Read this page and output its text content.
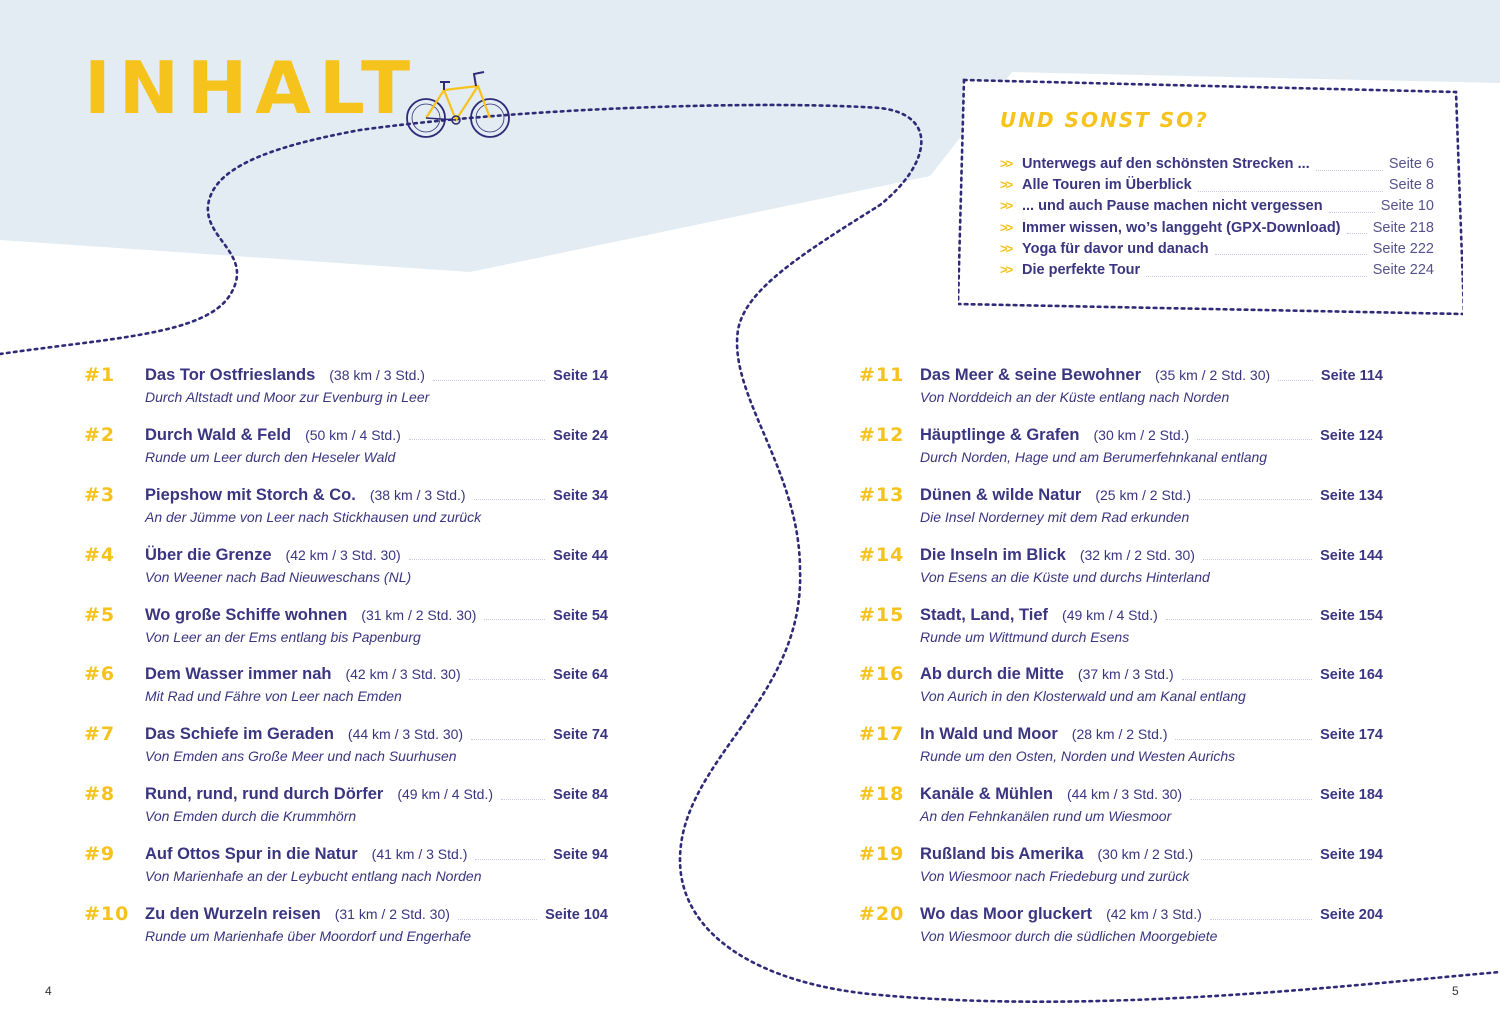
INHALT	UND SONST SO?
>> Unterwegs auf den schönsten Strecken ...	Seite 6
>> Alle Touren im Überblick	Seite 8
>> ... und auch Pause machen nicht vergessen	Seite 10
>> Immer wissen, wo’s langgeht (GPX-Download) Seite 218
>> Yoga für davor und danach	Seite 222
>> Die perfekte Tour	Seite 224
#1 Das Tor Ostfrieslands (38 km / 3 Std.)	Seite 14
Durch Altstadt und Moor zur Evenburg in Leer
#2 Durch Wald & Feld (50 km / 4 Std.)	Seite 24
Runde um Leer durch den Heseler Wald
#3 Piepshow mit Storch & Co. (38 km / 3 Std.)	Seite 34
An der Jümme von Leer nach Stickhausen und zurück
#4 Über die Grenze (42 km / 3 Std. 30)	Seite 44
Von Weener nach Bad Nieuweschans (NL)
#5 Wo große Schiffe wohnen (31 km / 2 Std. 30)	Seite 54
Von Leer an der Ems entlang bis Papenburg
#6 Dem Wasser immer nah (42 km / 3 Std. 30)	Seite 64
Mit Rad und Fähre von Leer nach Emden
#7 Das Schiefe im Geraden (44 km / 3 Std. 30)	Seite 74
Von Emden ans Große Meer und nach Suurhusen
#8 Rund, rund, rund durch Dörfer (49 km / 4 Std.)	Seite 84
Von Emden durch die Krummhörn
#9 Auf Ottos Spur in die Natur (41 km / 3 Std.)	Seite 94
Von Marienhafe an der Leybucht entlang nach Norden
#10 Zu den Wurzeln reisen (31 km / 2 Std. 30)	Seite 104
Runde um Marienhafe über Moordorf und Engerhafe
#11 Das Meer & seine Bewohner (35 km / 2 Std. 30)	Seite 114
Von Norddeich an der Küste entlang nach Norden
#12 Häuptlinge & Grafen (30 km / 2 Std.)	Seite 124
Durch Norden, Hage und am Berumerfehnkanal entlang
#13 Dünen & wilde Natur (25 km / 2 Std.)	Seite 134
Die Insel Norderney mit dem Rad erkunden
#14 Die Inseln im Blick (32 km / 2 Std. 30)	Seite 144
Von Esens an die Küste und durchs Hinterland
#15 Stadt, Land, Tief (49 km / 4 Std.)	Seite 154
Runde um Wittmund durch Esens
#16 Ab durch die Mitte (37 km / 3 Std.)	Seite 164
Von Aurich in den Klosterwald und am Kanal entlang
#17 In Wald und Moor (28 km / 2 Std.)	Seite 174
Runde um den Osten, Norden und Westen Aurichs
#18 Kanäle & Mühlen (44 km / 3 Std. 30)	Seite 184
An den Fehnkanälen rund um Wiesmoor
#19 Rußland bis Amerika (30 km / 2 Std.)	Seite 194
Von Wiesmoor nach Friedeburg und zurück
#20 Wo das Moor gluckert (42 km / 3 Std.)	Seite 204
Von Wiesmoor durch die südlichen Moorgebiete
4	5
